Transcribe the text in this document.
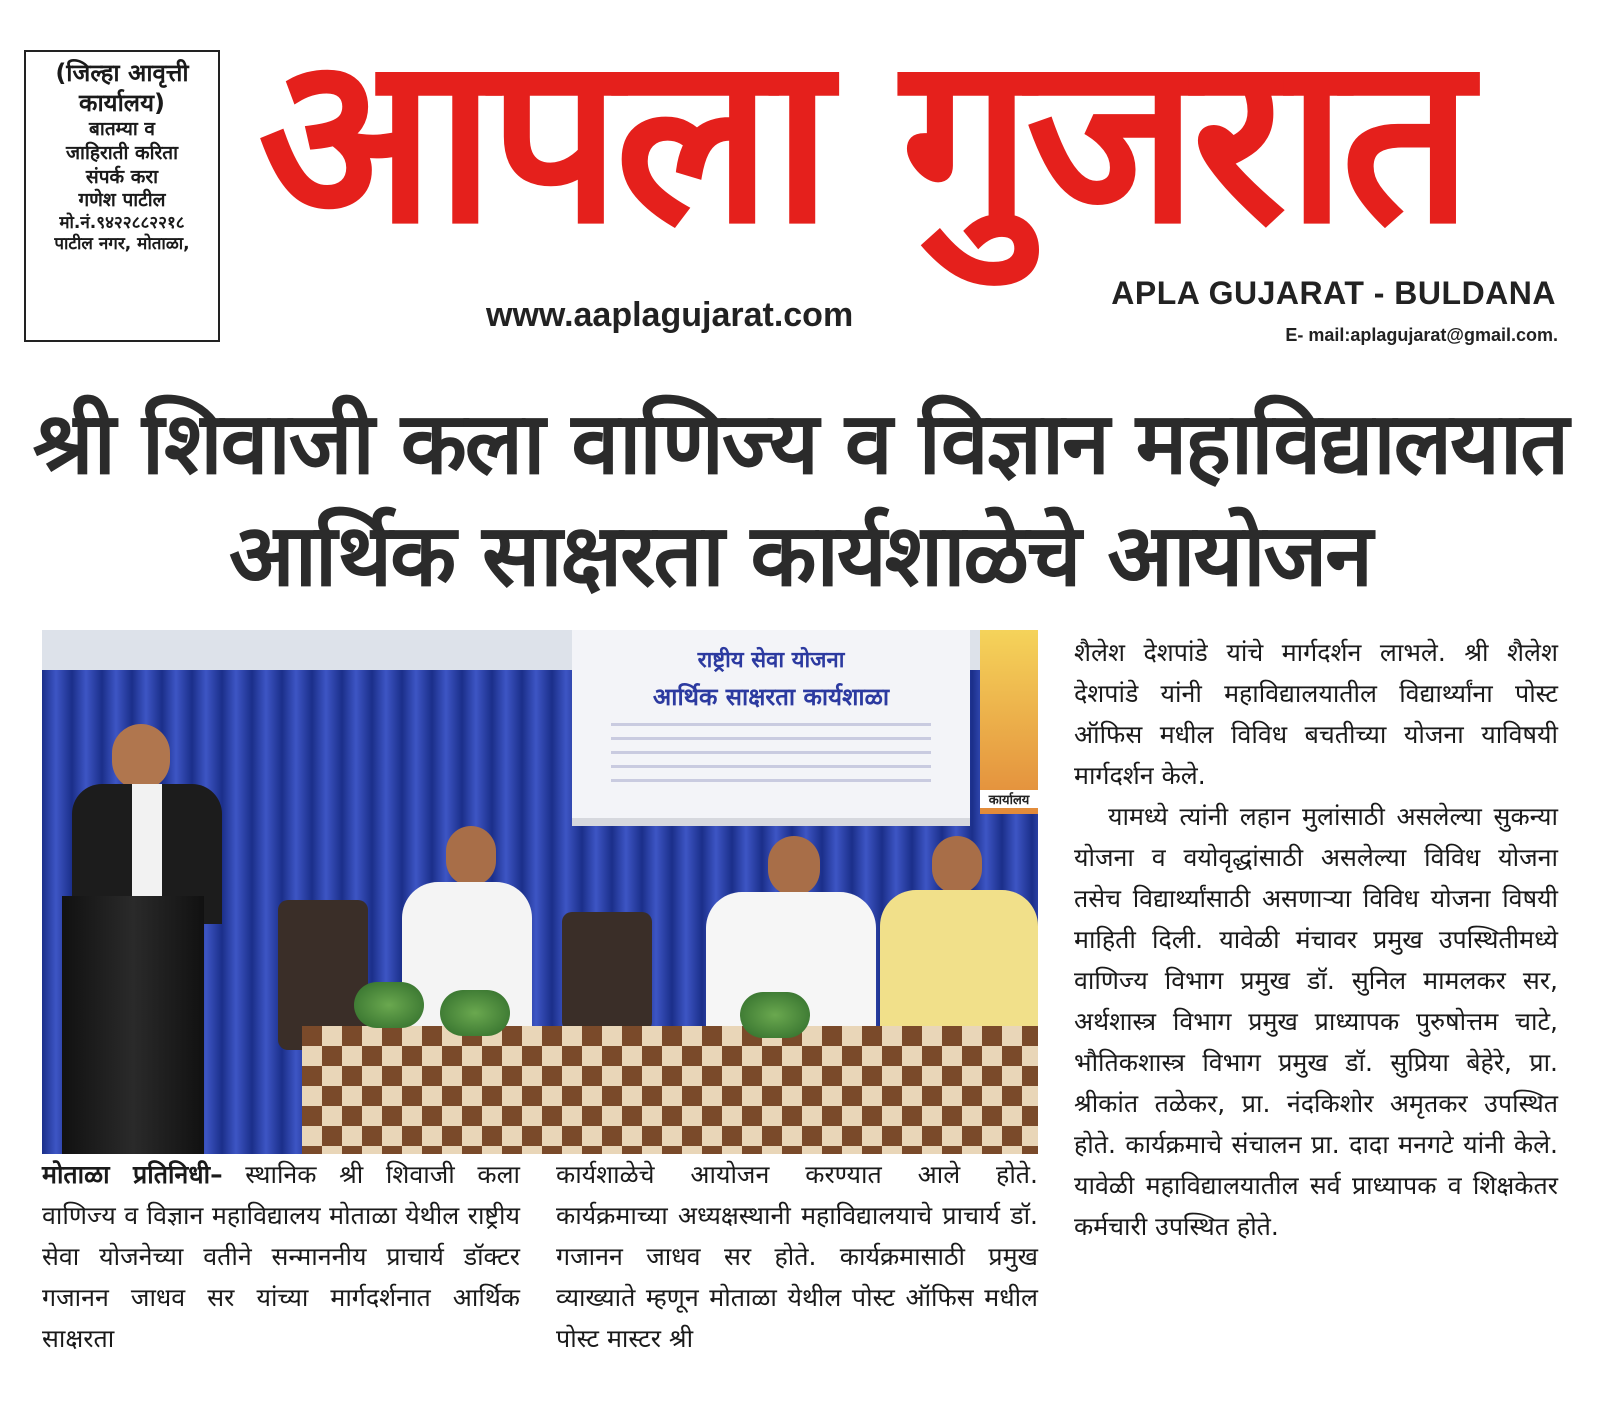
(जिल्हा आवृत्ती कार्यालय)
बातम्या व
जाहिराती करिता
संपर्क करा
गणेश पाटील
मो.नं.९४२२८८२२१८
पाटील नगर, मोताळा, आपला गुजरात
www.aaplagujarat.com
APLA GUJARAT - BULDANA
E- mail:aplagujarat@gmail.com.
श्री शिवाजी कला वाणिज्य व विज्ञान महाविद्यालयात
आर्थिक साक्षरता कार्यशाळेचे आयोजन
राष्ट्रीय सेवा योजना
आर्थिक साक्षरता कार्यशाळा
कार्यालय

मोताळा प्रतिनिधी– स्थानिक श्री शिवाजी कला वाणिज्य व विज्ञान महाविद्यालय मोताळा येथील राष्ट्रीय सेवा योजनेच्या वतीने सन्माननीय प्राचार्य डॉक्टर गजानन जाधव सर यांच्या मार्गदर्शनात आर्थिक साक्षरता

कार्यशाळेचे आयोजन करण्यात आले होते. कार्यक्रमाच्या अध्यक्षस्थानी महाविद्यालयाचे प्राचार्य डॉ. गजानन जाधव सर होते. कार्यक्रमासाठी प्रमुख व्याख्याते म्हणून मोताळा येथील पोस्ट ऑफिस मधील पोस्ट मास्टर श्री

शैलेश देशपांडे यांचे मार्गदर्शन लाभले. श्री शैलेश देशपांडे यांनी महाविद्यालयातील विद्यार्थ्यांना पोस्ट ऑफिस मधील विविध बचतीच्या योजना याविषयी मार्गदर्शन केले.

यामध्ये त्यांनी लहान मुलांसाठी असलेल्या सुकन्या योजना व वयोवृद्धांसाठी असलेल्या विविध योजना तसेच विद्यार्थ्यांसाठी असणाऱ्या विविध योजना विषयी माहिती दिली. यावेळी मंचावर प्रमुख उपस्थितीमध्ये वाणिज्य विभाग प्रमुख डॉ. सुनिल मामलकर सर, अर्थशास्त्र विभाग प्रमुख प्राध्यापक पुरुषोत्तम चाटे, भौतिकशास्त्र विभाग प्रमुख डॉ. सुप्रिया बेहेरे, प्रा. श्रीकांत तळेकर, प्रा. नंदकिशोर अमृतकर उपस्थित होते. कार्यक्रमाचे संचालन प्रा. दादा मनगटे यांनी केले. यावेळी महाविद्यालयातील सर्व प्राध्यापक व शिक्षकेतर कर्मचारी उपस्थित होते.
